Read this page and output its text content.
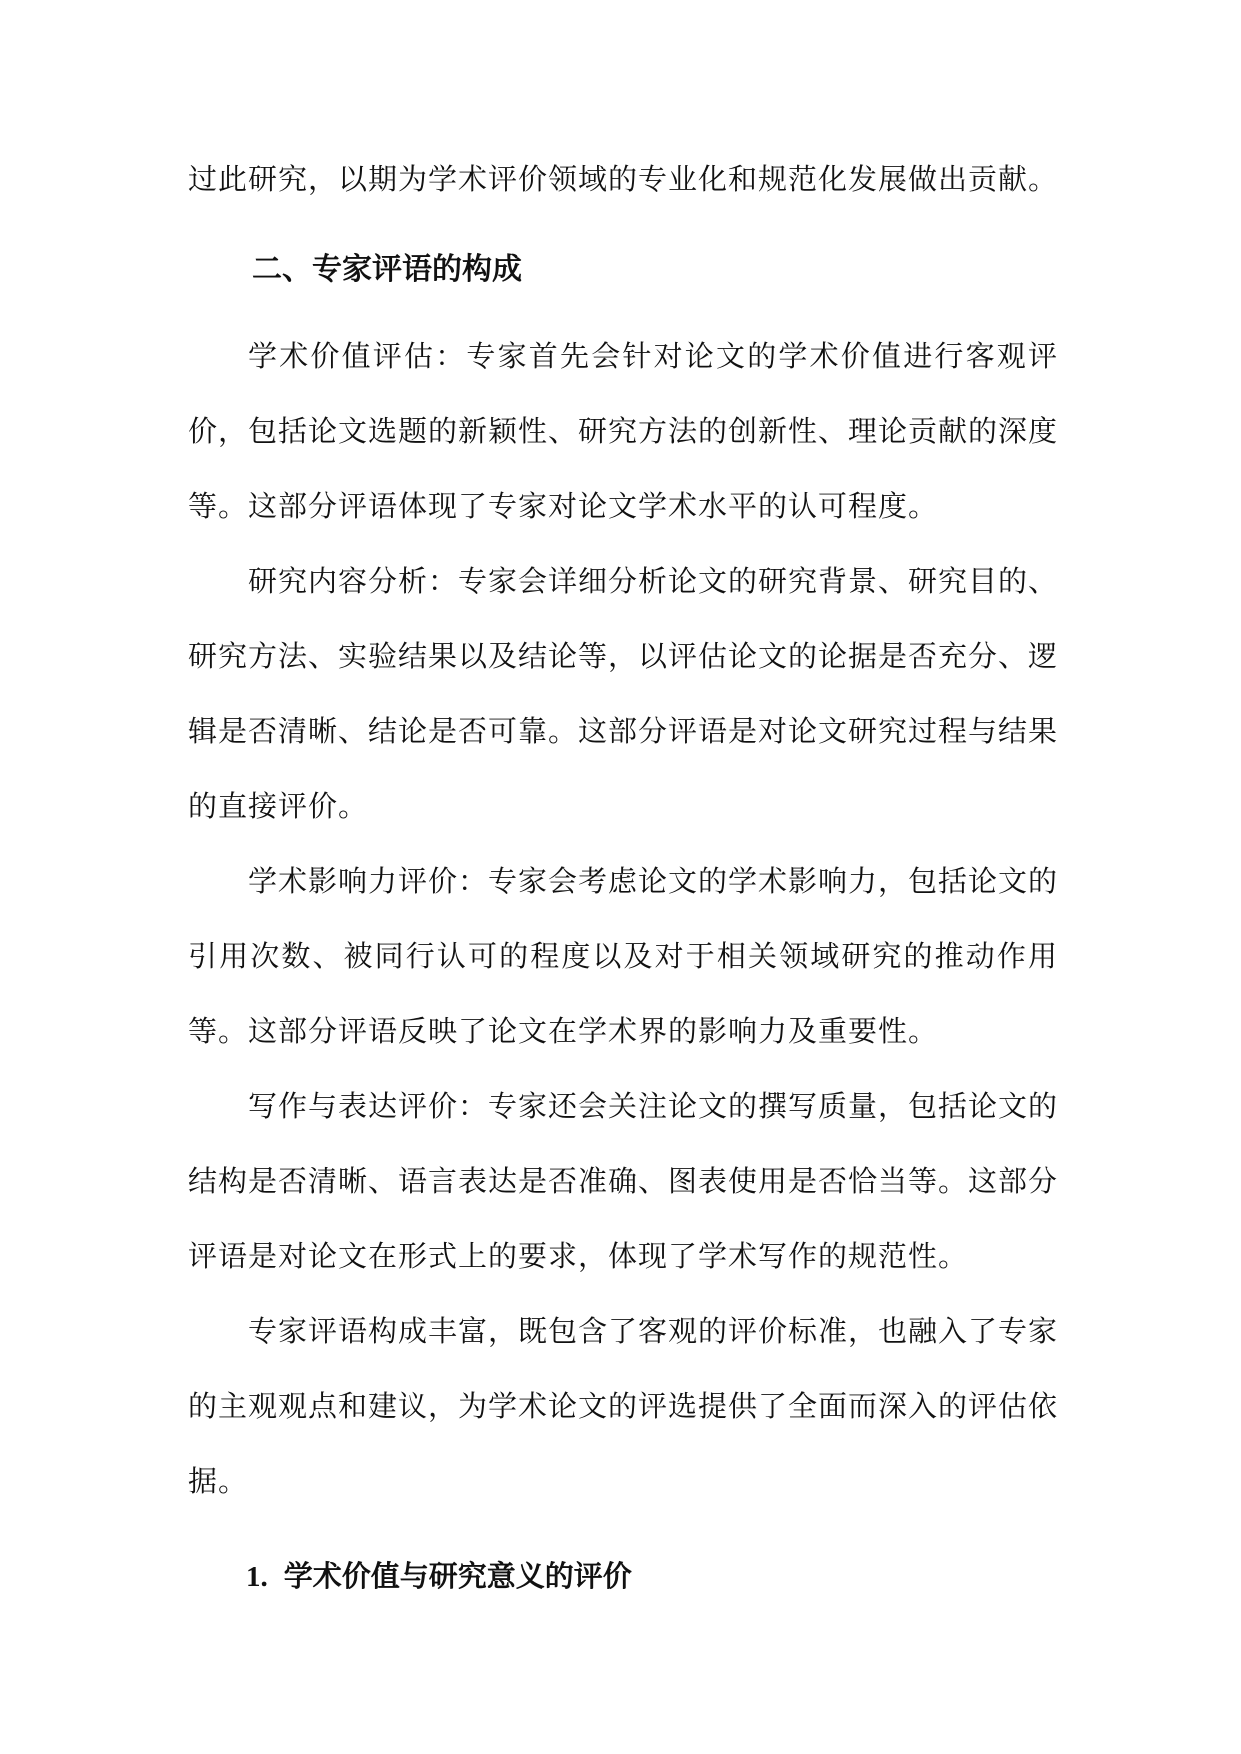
过此研究，以期为学术评价领域的专业化和规范化发展做出贡献。

二、专家评语的构成

学术价值评估：专家首先会针对论文的学术价值进行客观评价，包括论文选题的新颖性、研究方法的创新性、理论贡献的深度等。这部分评语体现了专家对论文学术水平的认可程度。

研究内容分析：专家会详细分析论文的研究背景、研究目的、研究方法、实验结果以及结论等，以评估论文的论据是否充分、逻辑是否清晰、结论是否可靠。这部分评语是对论文研究过程与结果的直接评价。

学术影响力评价：专家会考虑论文的学术影响力，包括论文的引用次数、被同行认可的程度以及对于相关领域研究的推动作用等。这部分评语反映了论文在学术界的影响力及重要性。

写作与表达评价：专家还会关注论文的撰写质量，包括论文的结构是否清晰、语言表达是否准确、图表使用是否恰当等。这部分评语是对论文在形式上的要求，体现了学术写作的规范性。

专家评语构成丰富，既包含了客观的评价标准，也融入了专家的主观观点和建议，为学术论文的评选提供了全面而深入的评估依据。

1. 学术价值与研究意义的评价
